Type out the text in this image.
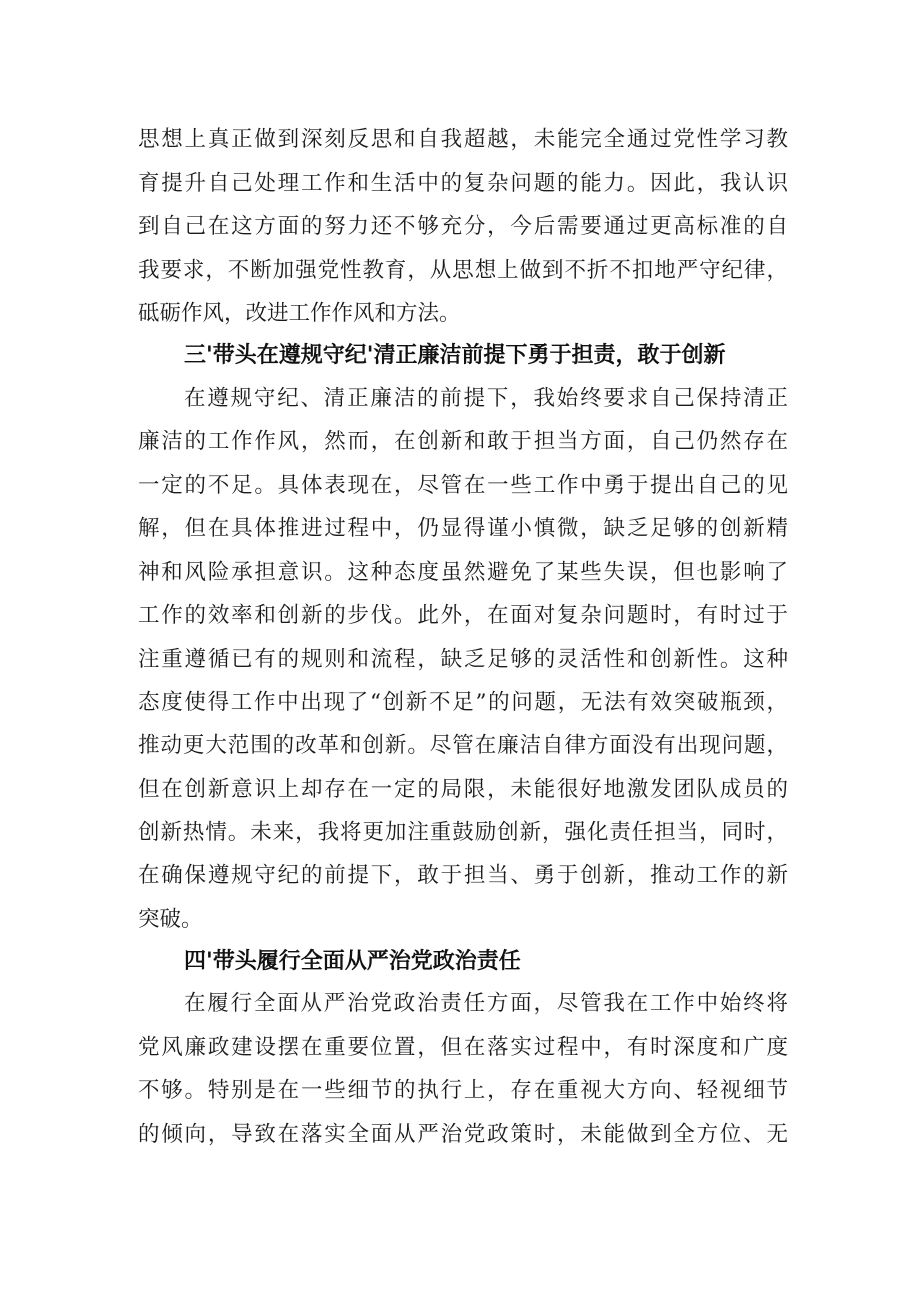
思想上真正做到深刻反思和自我超越，未能完全通过党性学习教
育提升自己处理工作和生活中的复杂问题的能力。因此，我认识
到自己在这方面的努力还不够充分，今后需要通过更高标准的自
我要求，不断加强党性教育，从思想上做到不折不扣地严守纪律，
砥砺作风，改进工作作风和方法。
三'带头在遵规守纪'清正廉洁前提下勇于担责，敢于创新
在遵规守纪、清正廉洁的前提下，我始终要求自己保持清正
廉洁的工作作风，然而，在创新和敢于担当方面，自己仍然存在
一定的不足。具体表现在，尽管在一些工作中勇于提出自己的见
解，但在具体推进过程中，仍显得谨小慎微，缺乏足够的创新精
神和风险承担意识。这种态度虽然避免了某些失误，但也影响了
工作的效率和创新的步伐。此外，在面对复杂问题时，有时过于
注重遵循已有的规则和流程，缺乏足够的灵活性和创新性。这种
态度使得工作中出现了“创新不足”的问题，无法有效突破瓶颈，
推动更大范围的改革和创新。尽管在廉洁自律方面没有出现问题，
但在创新意识上却存在一定的局限，未能很好地激发团队成员的
创新热情。未来，我将更加注重鼓励创新，强化责任担当，同时，
在确保遵规守纪的前提下，敢于担当、勇于创新，推动工作的新
突破。
四'带头履行全面从严治党政治责任
在履行全面从严治党政治责任方面，尽管我在工作中始终将
党风廉政建设摆在重要位置，但在落实过程中，有时深度和广度
不够。特别是在一些细节的执行上，存在重视大方向、轻视细节
的倾向，导致在落实全面从严治党政策时，未能做到全方位、无
